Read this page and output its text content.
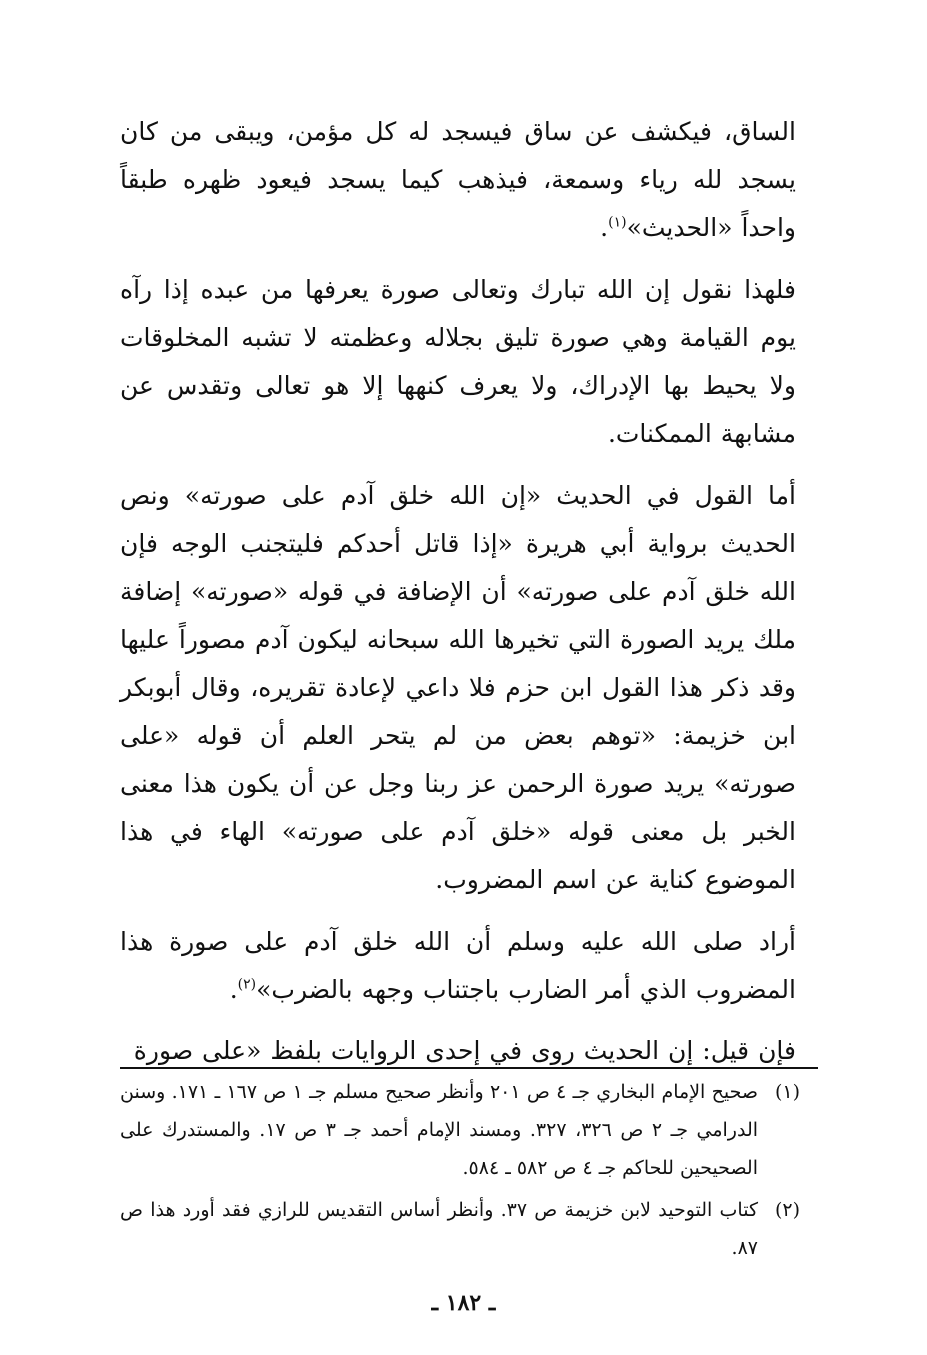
الساق، فيكشف عن ساق فيسجد له كل مؤمن، ويبقى من كان يسجد لله رياء وسمعة، فيذهب كيما يسجد فيعود ظهره طبقاً واحداً «الحديث»$^{(١)}$.

فلهذا نقول إن الله تبارك وتعالى صورة يعرفها من عبده إذا رآه يوم القيامة وهي صورة تليق بجلاله وعظمته لا تشبه المخلوقات ولا يحيط بها الإدراك، ولا يعرف كنهها إلا هو تعالى وتقدس عن مشابهة الممكنات.

أما القول في الحديث «إن الله خلق آدم على صورته» ونص الحديث برواية أبي هريرة «إذا قاتل أحدكم فليتجنب الوجه فإن الله خلق آدم على صورته» أن الإضافة في قوله «صورته» إضافة ملك يريد الصورة التي تخيرها الله سبحانه ليكون آدم مصوراً عليها وقد ذكر هذا القول ابن حزم فلا داعي لإعادة تقريره، وقال أبوبكر ابن خزيمة: «توهم بعض من لم يتحر العلم أن قوله «على صورته» يريد صورة الرحمن عز ربنا وجل عن أن يكون هذا معنى الخبر بل معنى قوله «خلق آدم على صورته» الهاء في هذا الموضوع كناية عن اسم المضروب.

أراد صلى الله عليه وسلم أن الله خلق آدم على صورة هذا المضروب الذي أمر الضارب باجتناب وجهه بالضرب»$^{(٢)}$.

فإن قيل: إن الحديث روى في إحدى الروايات بلفظ «على صورة

(١)
صحيح الإمام البخاري جـ ٤ ص ٢٠١ وأنظر صحيح مسلم جـ ١ ص ١٦٧ ـ ١٧١. وسنن الدرامي جـ ٢ ص ٣٢٦، ٣٢٧. ومسند الإمام أحمد جـ ٣ ص ١٧. والمستدرك على الصحيحين للحاكم جـ ٤ ص ٥٨٢ ـ ٥٨٤.
(٢)
كتاب التوحيد لابن خزيمة ص ٣٧. وأنظر أساس التقديس للرازي فقد أورد هذا ص ٨٧.
ـ ١٨٢ ـ
